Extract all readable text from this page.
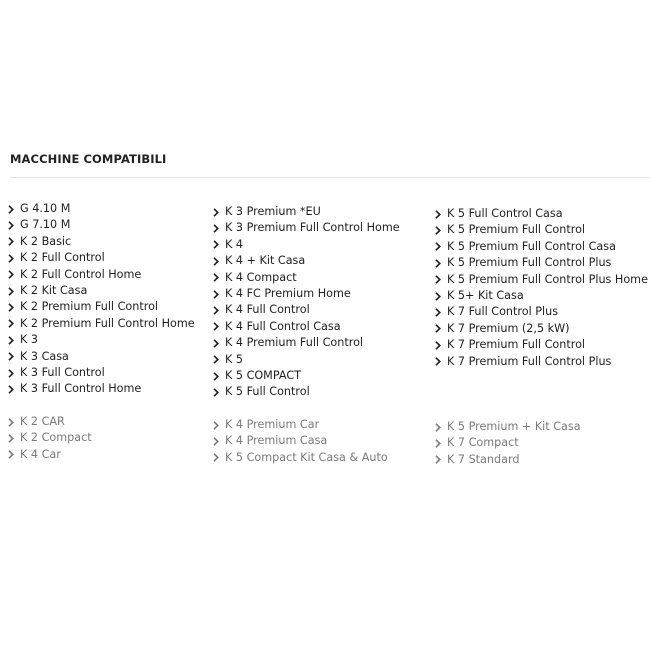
MACCHINE COMPATIBILI
G 4.10 M
G 7.10 M
K 2 Basic
K 2 Full Control
K 2 Full Control Home
K 2 Kit Casa
K 2 Premium Full Control
K 2 Premium Full Control Home
K 3
K 3 Casa
K 3 Full Control
K 3 Full Control Home
K 2 CAR
K 2 Compact
K 4 Car
K 3 Premium *EU
K 3 Premium Full Control Home
K 4
K 4 + Kit Casa
K 4 Compact
K 4 FC Premium Home
K 4 Full Control
K 4 Full Control Casa
K 4 Premium Full Control
K 5
K 5 COMPACT
K 5 Full Control
K 4 Premium Car
K 4 Premium Casa
K 5 Compact Kit Casa & Auto
K 5 Full Control Casa
K 5 Premium Full Control
K 5 Premium Full Control Casa
K 5 Premium Full Control Plus
K 5 Premium Full Control Plus Home
K 5+ Kit Casa
K 7 Full Control Plus
K 7 Premium (2,5 kW)
K 7 Premium Full Control
K 7 Premium Full Control Plus
K 5 Premium + Kit Casa
K 7 Compact
K 7 Standard
